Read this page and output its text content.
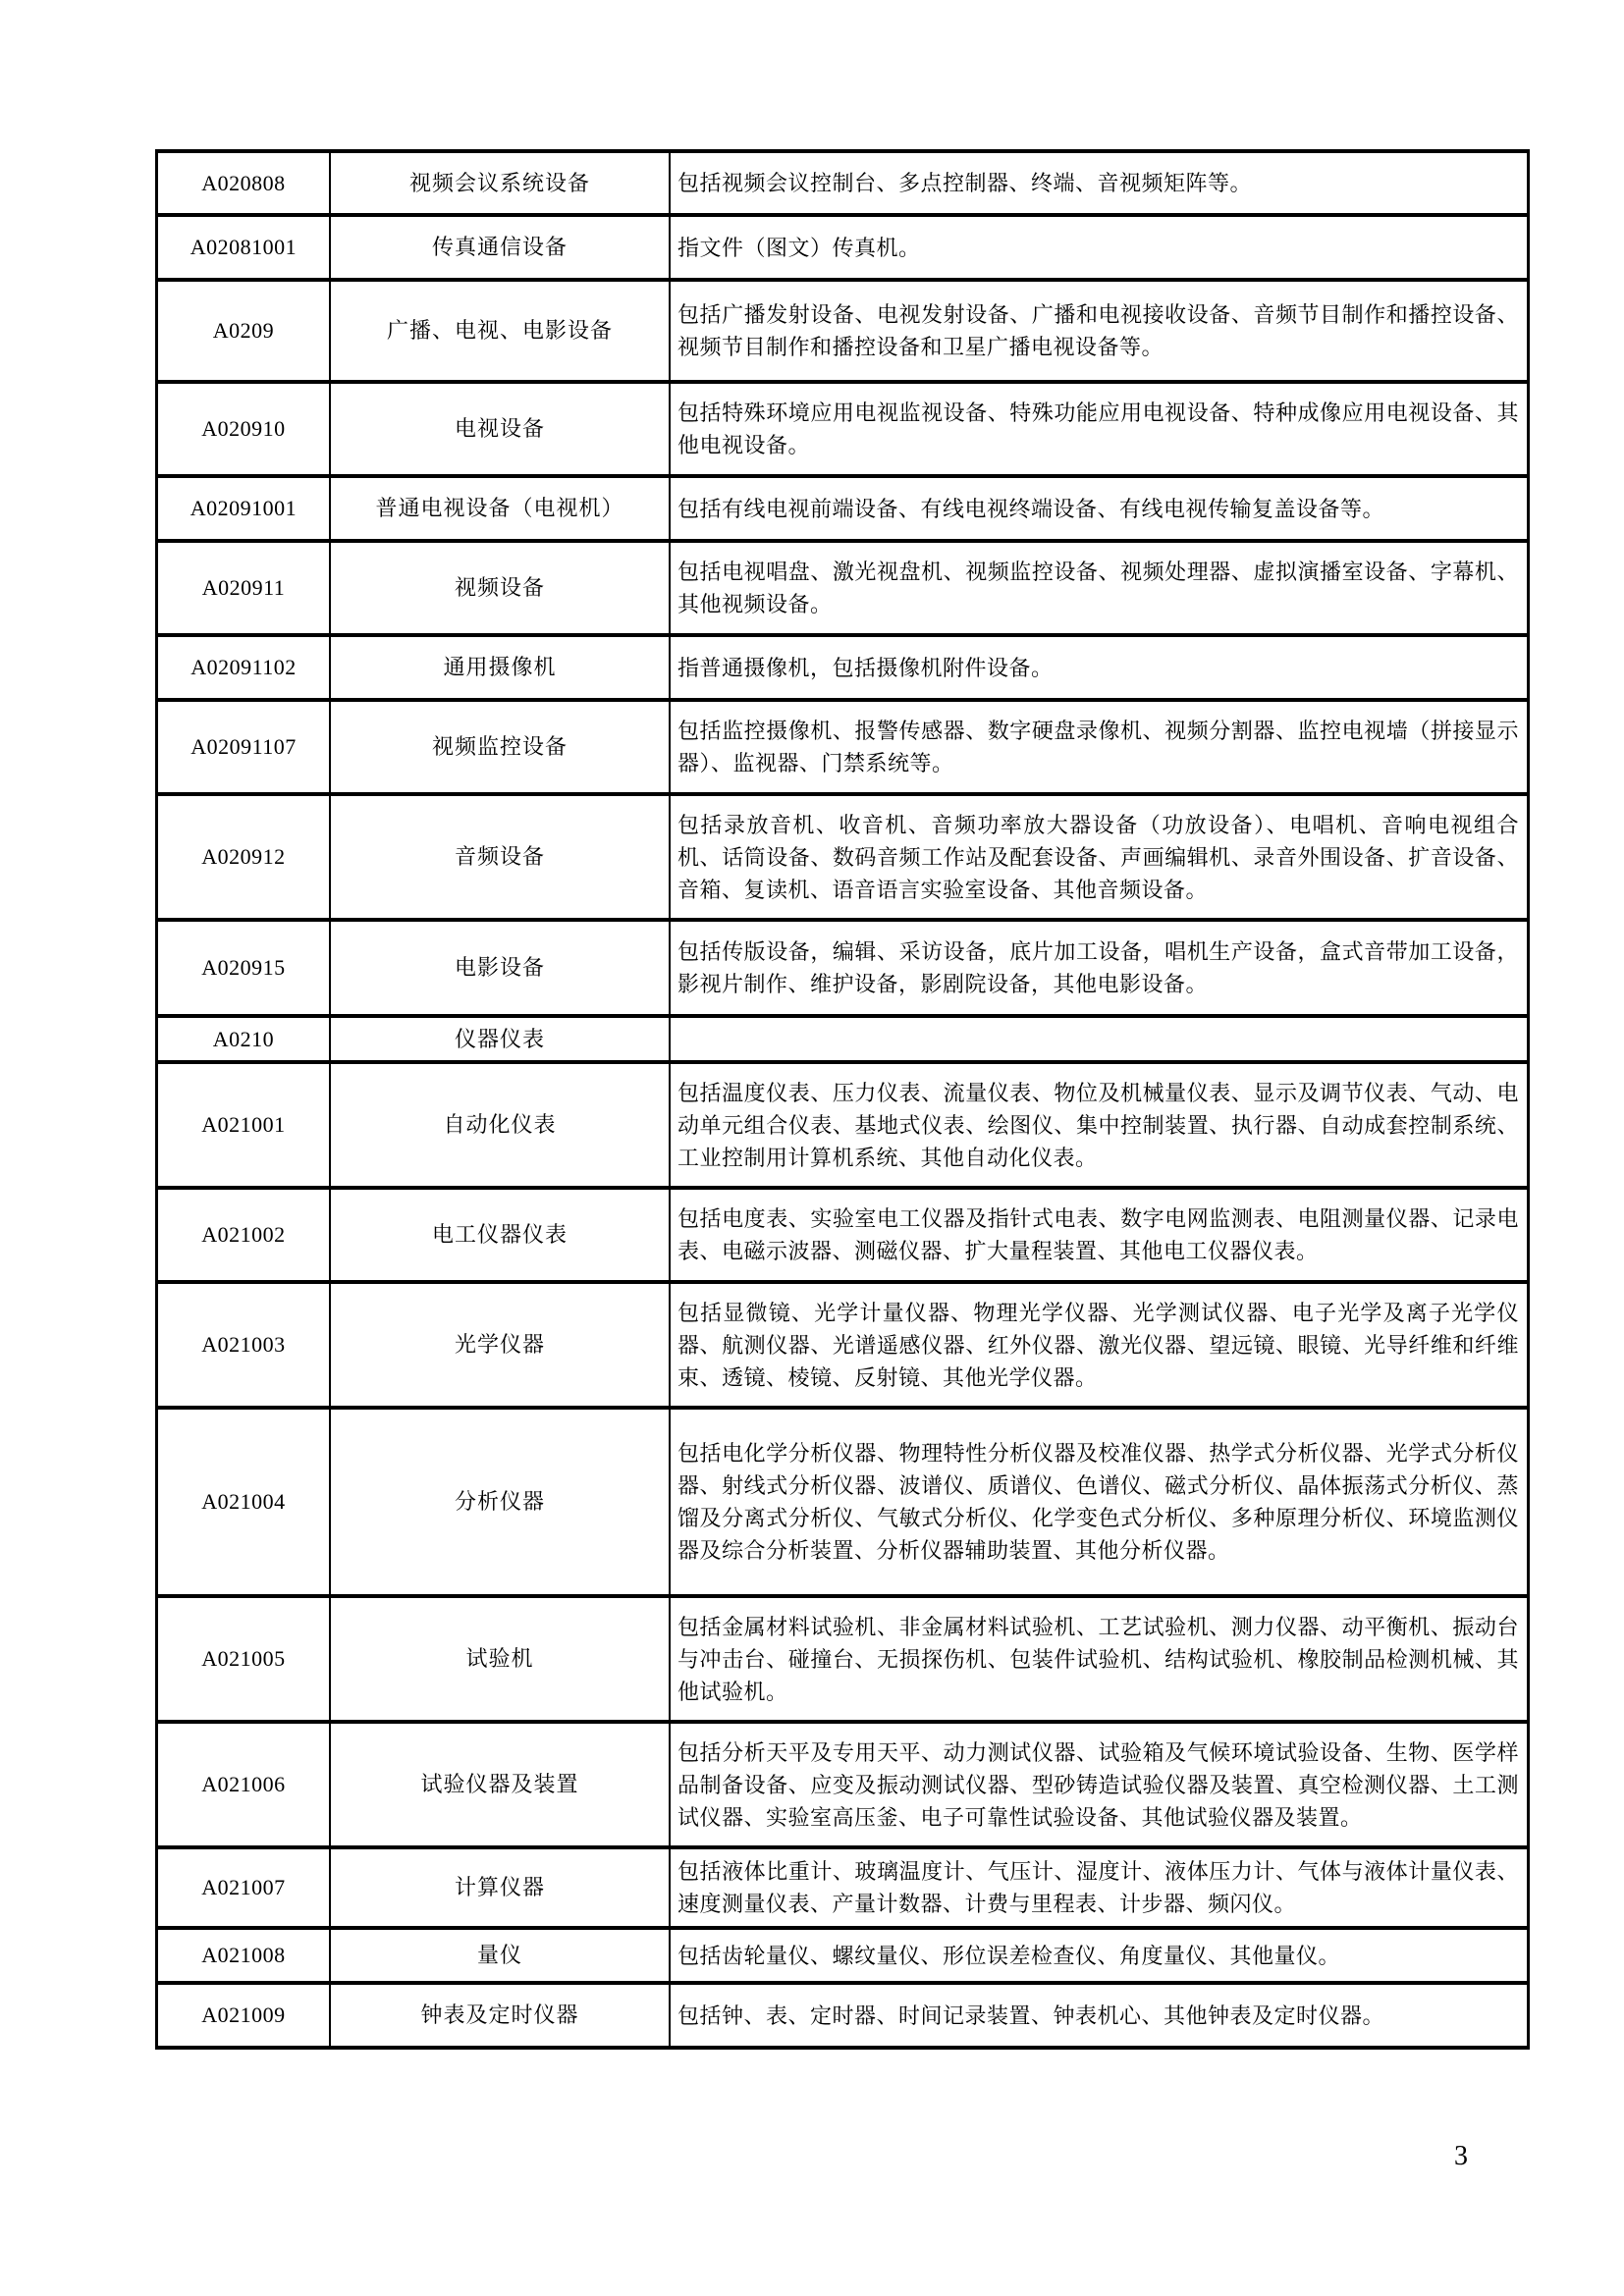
A020808	视频会议系统设备	包括视频会议控制台、多点控制器、终端、音视频矩阵等。
A02081001	传真通信设备	指文件（图文）传真机。
A0209	广播、电视、电影设备	包括广播发射设备、电视发射设备、广播和电视接收设备、音频节目制作和播控设备、视频节目制作和播控设备和卫星广播电视设备等。
A020910	电视设备	包括特殊环境应用电视监视设备、特殊功能应用电视设备、特种成像应用电视设备、其他电视设备。
A02091001	普通电视设备（电视机）	包括有线电视前端设备、有线电视终端设备、有线电视传输复盖设备等。
A020911	视频设备	包括电视唱盘、激光视盘机、视频监控设备、视频处理器、虚拟演播室设备、字幕机、其他视频设备。
A02091102	通用摄像机	指普通摄像机，包括摄像机附件设备。
A02091107	视频监控设备	包括监控摄像机、报警传感器、数字硬盘录像机、视频分割器、监控电视墙（拼接显示器）、监视器、门禁系统等。
A020912	音频设备	包括录放音机、收音机、音频功率放大器设备（功放设备）、电唱机、音响电视组合机、话筒设备、数码音频工作站及配套设备、声画编辑机、录音外围设备、扩音设备、音箱、复读机、语音语言实验室设备、其他音频设备。
A020915	电影设备	包括传版设备，编辑、采访设备，底片加工设备，唱机生产设备，盒式音带加工设备，影视片制作、维护设备，影剧院设备，其他电影设备。
A0210	仪器仪表	
A021001	自动化仪表	包括温度仪表、压力仪表、流量仪表、物位及机械量仪表、显示及调节仪表、气动、电动单元组合仪表、基地式仪表、绘图仪、集中控制装置、执行器、自动成套控制系统、工业控制用计算机系统、其他自动化仪表。
A021002	电工仪器仪表	包括电度表、实验室电工仪器及指针式电表、数字电网监测表、电阻测量仪器、记录电表、电磁示波器、测磁仪器、扩大量程装置、其他电工仪器仪表。
A021003	光学仪器	包括显微镜、光学计量仪器、物理光学仪器、光学测试仪器、电子光学及离子光学仪器、航测仪器、光谱遥感仪器、红外仪器、激光仪器、望远镜、眼镜、光导纤维和纤维束、透镜、棱镜、反射镜、其他光学仪器。
A021004	分析仪器	包括电化学分析仪器、物理特性分析仪器及校准仪器、热学式分析仪器、光学式分析仪器、射线式分析仪器、波谱仪、质谱仪、色谱仪、磁式分析仪、晶体振荡式分析仪、蒸馏及分离式分析仪、气敏式分析仪、化学变色式分析仪、多种原理分析仪、环境监测仪器及综合分析装置、分析仪器辅助装置、其他分析仪器。
A021005	试验机	包括金属材料试验机、非金属材料试验机、工艺试验机、测力仪器、动平衡机、振动台与冲击台、碰撞台、无损探伤机、包装件试验机、结构试验机、橡胶制品检测机械、其他试验机。
A021006	试验仪器及装置	包括分析天平及专用天平、动力测试仪器、试验箱及气候环境试验设备、生物、医学样品制备设备、应变及振动测试仪器、型砂铸造试验仪器及装置、真空检测仪器、土工测试仪器、实验室高压釜、电子可靠性试验设备、其他试验仪器及装置。
A021007	计算仪器	包括液体比重计、玻璃温度计、气压计、湿度计、液体压力计、气体与液体计量仪表、速度测量仪表、产量计数器、计费与里程表、计步器、频闪仪。
A021008	量仪	包括齿轮量仪、螺纹量仪、形位误差检查仪、角度量仪、其他量仪。
A021009	钟表及定时仪器	包括钟、表、定时器、时间记录装置、钟表机心、其他钟表及定时仪器。
3
